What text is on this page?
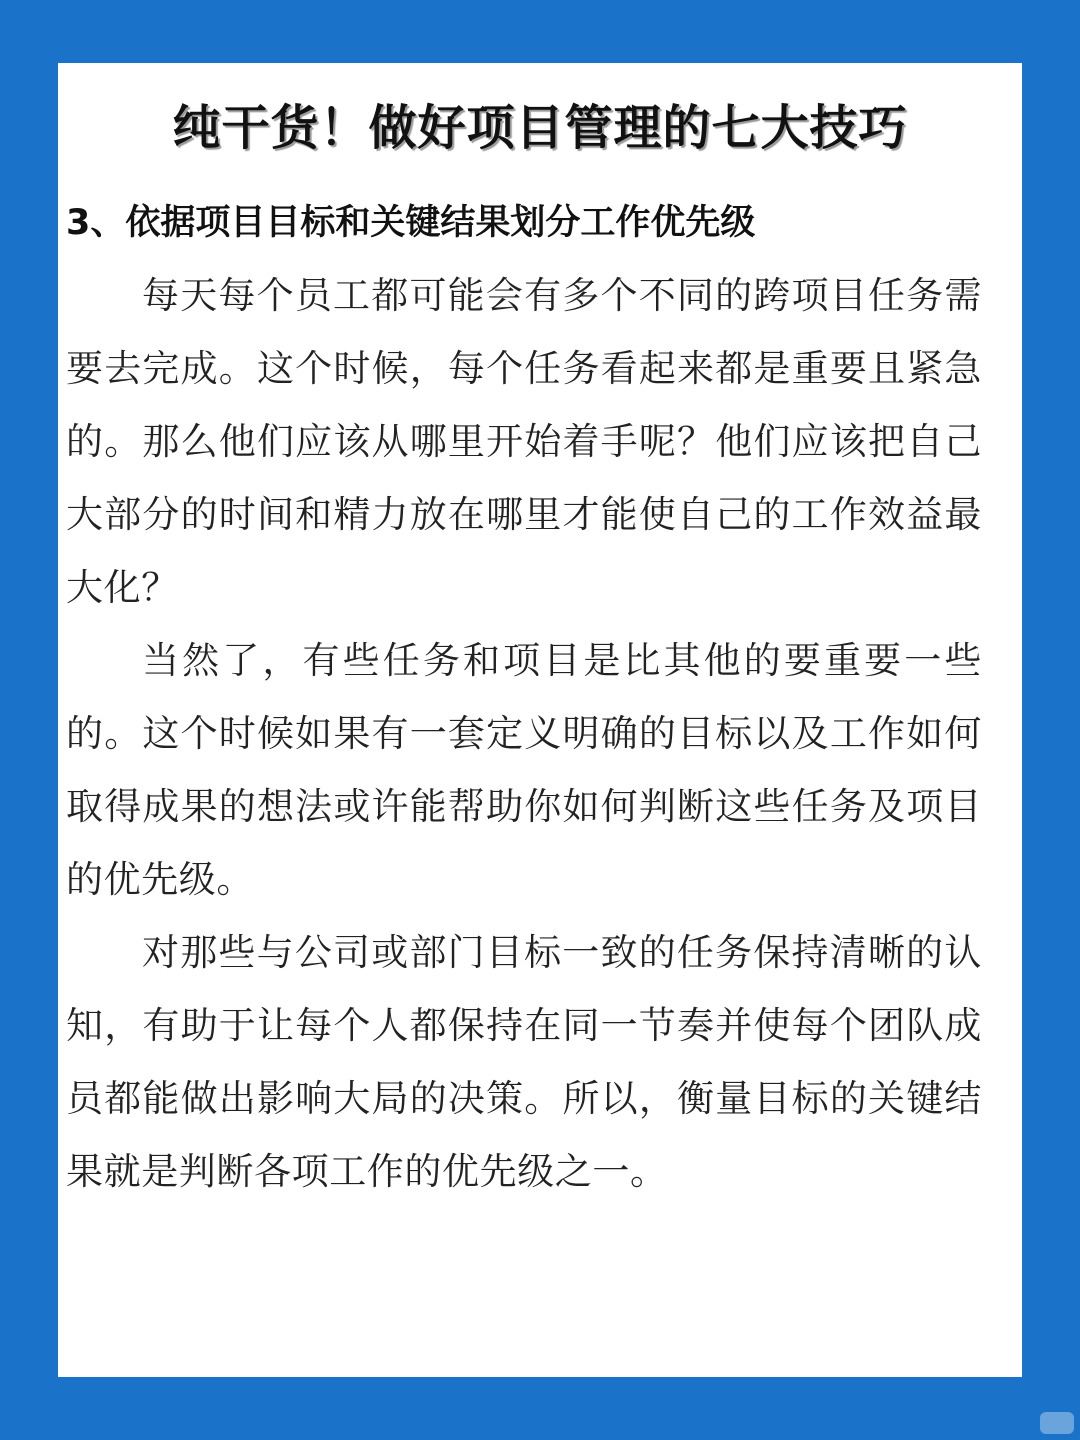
纯干货！做好项目管理的七大技巧
3、依据项目目标和关键结果划分工作优先级

每天每个员工都可能会有多个不同的跨项目任务需要去完成。这个时候，每个任务看起来都是重要且紧急的。那么他们应该从哪里开始着手呢？他们应该把自己大部分的时间和精力放在哪里才能使自己的工作效益最大化？

当然了，有些任务和项目是比其他的要重要一些的。这个时候如果有一套定义明确的目标以及工作如何取得成果的想法或许能帮助你如何判断这些任务及项目的优先级。

对那些与公司或部门目标一致的任务保持清晰的认知，有助于让每个人都保持在同一节奏并使每个团队成员都能做出影响大局的决策。所以，衡量目标的关键结果就是判断各项工作的优先级之一。
